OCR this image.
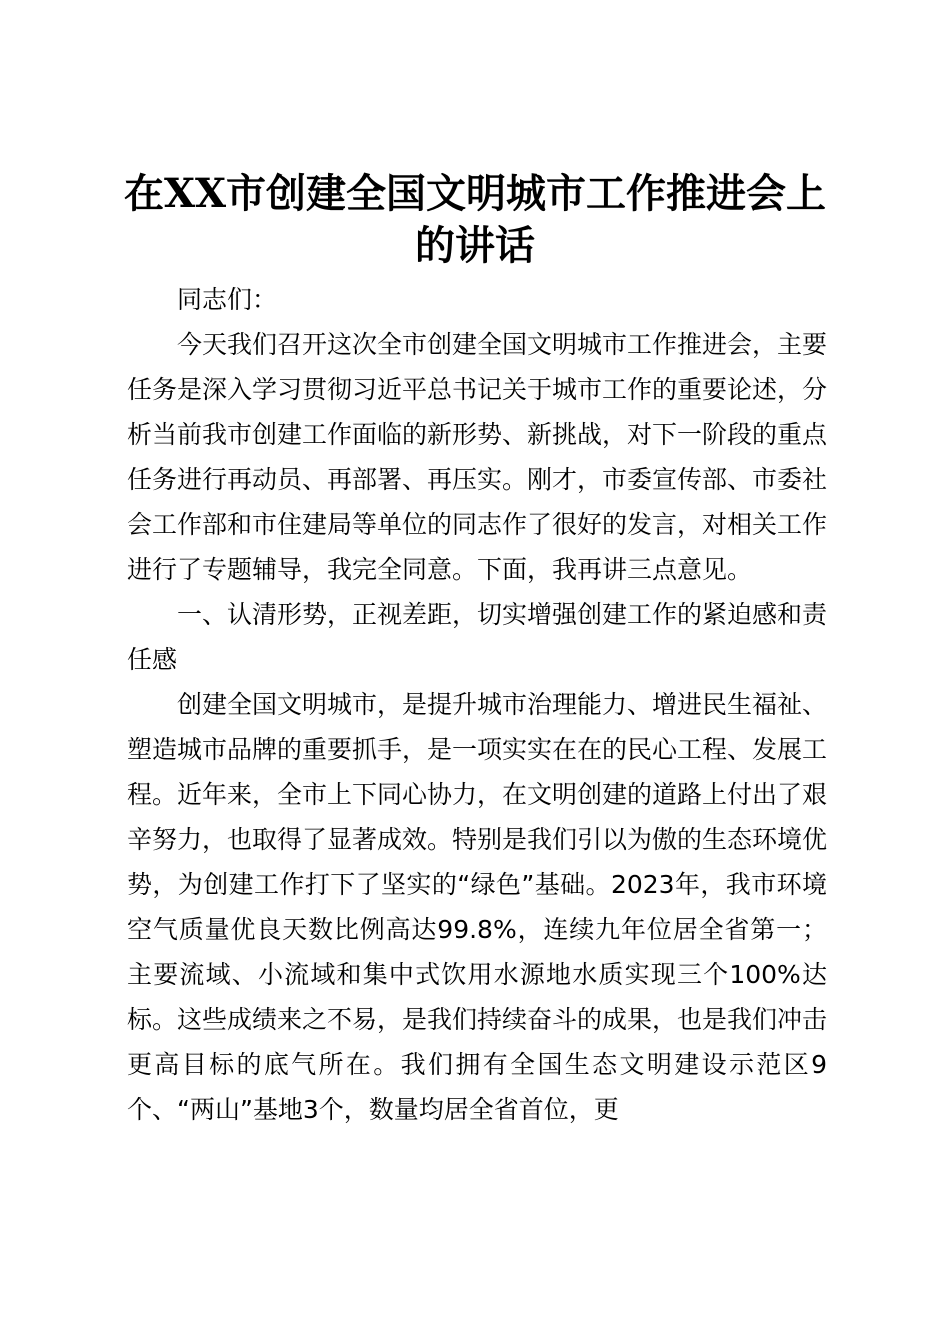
在XX市创建全国文明城市工作推进会上的讲话

同志们：

今天我们召开这次全市创建全国文明城市工作推进会，主要任务是深入学习贯彻习近平总书记关于城市工作的重要论述，分析当前我市创建工作面临的新形势、新挑战，对下一阶段的重点任务进行再动员、再部署、再压实。刚才，市委宣传部、市委社会工作部和市住建局等单位的同志作了很好的发言，对相关工作进行了专题辅导，我完全同意。下面，我再讲三点意见。

一、认清形势，正视差距，切实增强创建工作的紧迫感和责任感

创建全国文明城市，是提升城市治理能力、增进民生福祉、塑造城市品牌的重要抓手，是一项实实在在的民心工程、发展工程。近年来，全市上下同心协力，在文明创建的道路上付出了艰辛努力，也取得了显著成效。特别是我们引以为傲的生态环境优势，为创建工作打下了坚实的“绿色”基础。2023年，我市环境空气质量优良天数比例高达99.8%，连续九年位居全省第一；主要流域、小流域和集中式饮用水源地水质实现三个100%达标。这些成绩来之不易，是我们持续奋斗的成果，也是我们冲击更高目标的底气所在。我们拥有全国生态文明建设示范区9个、“两山”基地3个，数量均居全省首位，更
